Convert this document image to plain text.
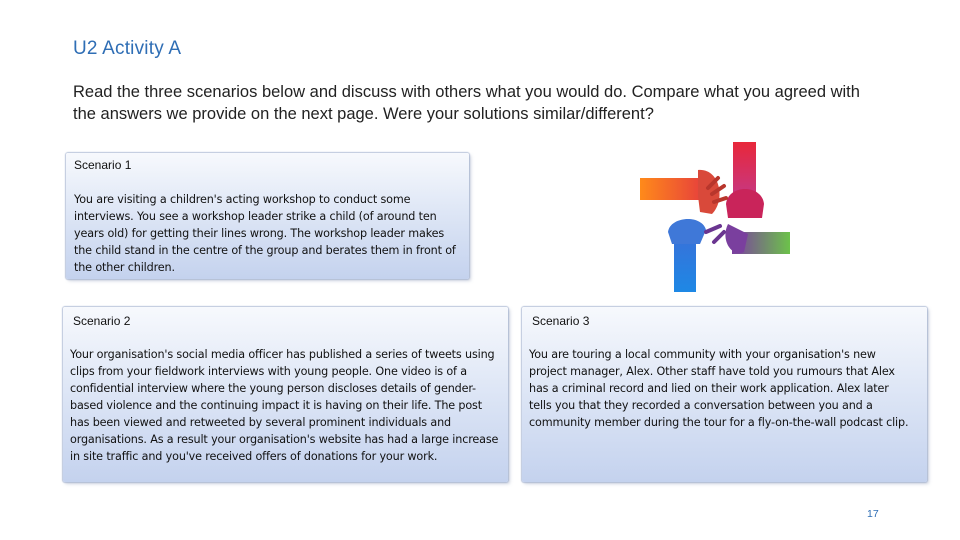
U2 Activity A
Read the three scenarios below and discuss with others what you would do. Compare what you agreed with the answers we provide on the next page. Were your solutions similar/different?
Scenario 1
You are visiting a children's acting workshop to conduct some interviews. You see a workshop leader strike a child (of around ten years old) for getting their lines wrong. The workshop leader makes the child stand in the centre of the group and berates them in front of the other children.
Scenario 2
Your organisation's social media officer has published a series of tweets using clips from your fieldwork interviews with young people. One video is of a confidential interview where the young person discloses details of gender-based violence and the continuing impact it is having on their life. The post has been viewed and retweeted by several prominent individuals and organisations. As a result your organisation's website has had a large increase in site traffic and you've received offers of donations for your work.
Scenario 3
You are touring a local community with your organisation's new project manager, Alex. Other staff have told you rumours that Alex has a criminal record and lied on their work application. Alex later tells you that they recorded a conversation between you and a community member during the tour for a fly-on-the-wall podcast clip.
17
